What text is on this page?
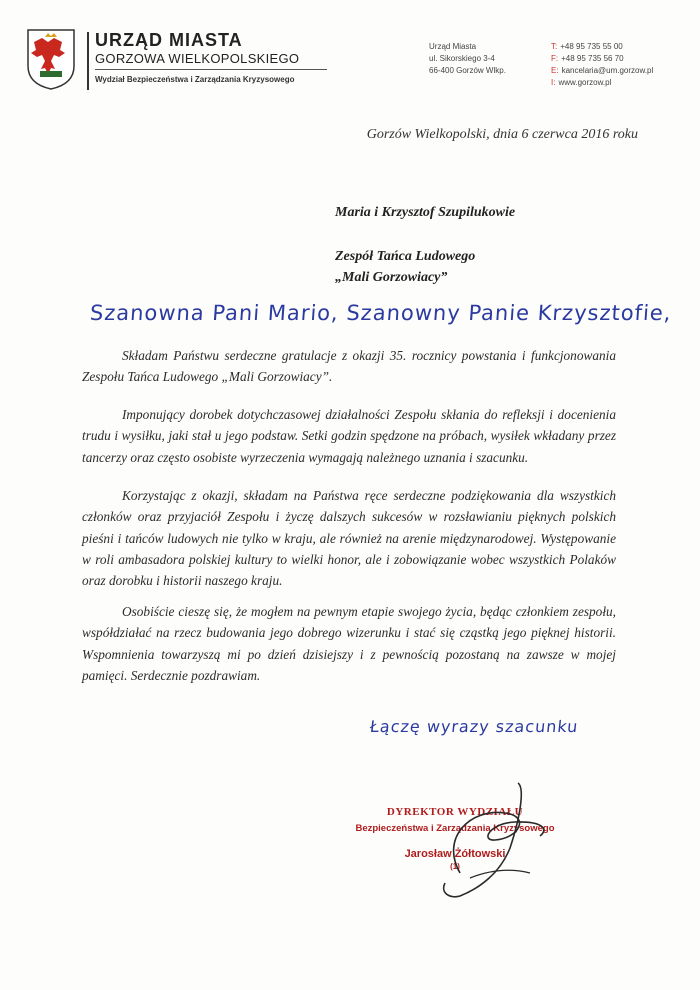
URZĄD MIASTA
GORZOWA WIELKOPOLSKIEGO
Wydział Bezpieczeństwa i Zarządzania Kryzysowego
Urząd Miasta
ul. Sikorskiego 3-4
66-400 Gorzów Wlkp.
T: +48 95 735 55 00
F: +48 95 735 56 70
E: kancelaria@um.gorzow.pl
I: www.gorzow.pl
Gorzów Wielkopolski, dnia 6 czerwca 2016 roku
Maria i Krzysztof Szupilukowie
Zespół Tańca Ludowego
„Mali Gorzowiacy”
Szanowna Pani Mario, Szanowny Panie Krzysztofie,
Składam Państwu serdeczne gratulacje z okazji 35. rocznicy powstania i funkcjonowania Zespołu Tańca Ludowego „Mali Gorzowiacy”.
Imponujący dorobek dotychczasowej działalności Zespołu skłania do refleksji i docenienia trudu i wysiłku, jaki stał u jego podstaw. Setki godzin spędzone na próbach, wysiłek wkładany przez tancerzy oraz często osobiste wyrzeczenia wymagają należnego uznania i szacunku.
Korzystając z okazji, składam na Państwa ręce serdeczne podziękowania dla wszystkich członków oraz przyjaciół Zespołu i życzę dalszych sukcesów w rozsławianiu pięknych polskich pieśni i tańców ludowych nie tylko w kraju, ale również na arenie międzynarodowej. Występowanie w roli ambasadora polskiej kultury to wielki honor, ale i zobowiązanie wobec wszystkich Polaków oraz dorobku i historii naszego kraju.
Osobiście cieszę się, że mogłem na pewnym etapie swojego życia, będąc członkiem zespołu, współdziałać na rzecz budowania jego dobrego wizerunku i stać się cząstką jego pięknej historii. Wspomnienia towarzyszą mi po dzień dzisiejszy i z pewnością pozostaną na zawsze w mojej pamięci. Serdecznie pozdrawiam.
Łączę wyrazy szacunku
DYREKTOR WYDZIAŁU
Bezpieczeństwa i Zarządzania Kryzysowego
Jarosław Żółtowski
(1)
